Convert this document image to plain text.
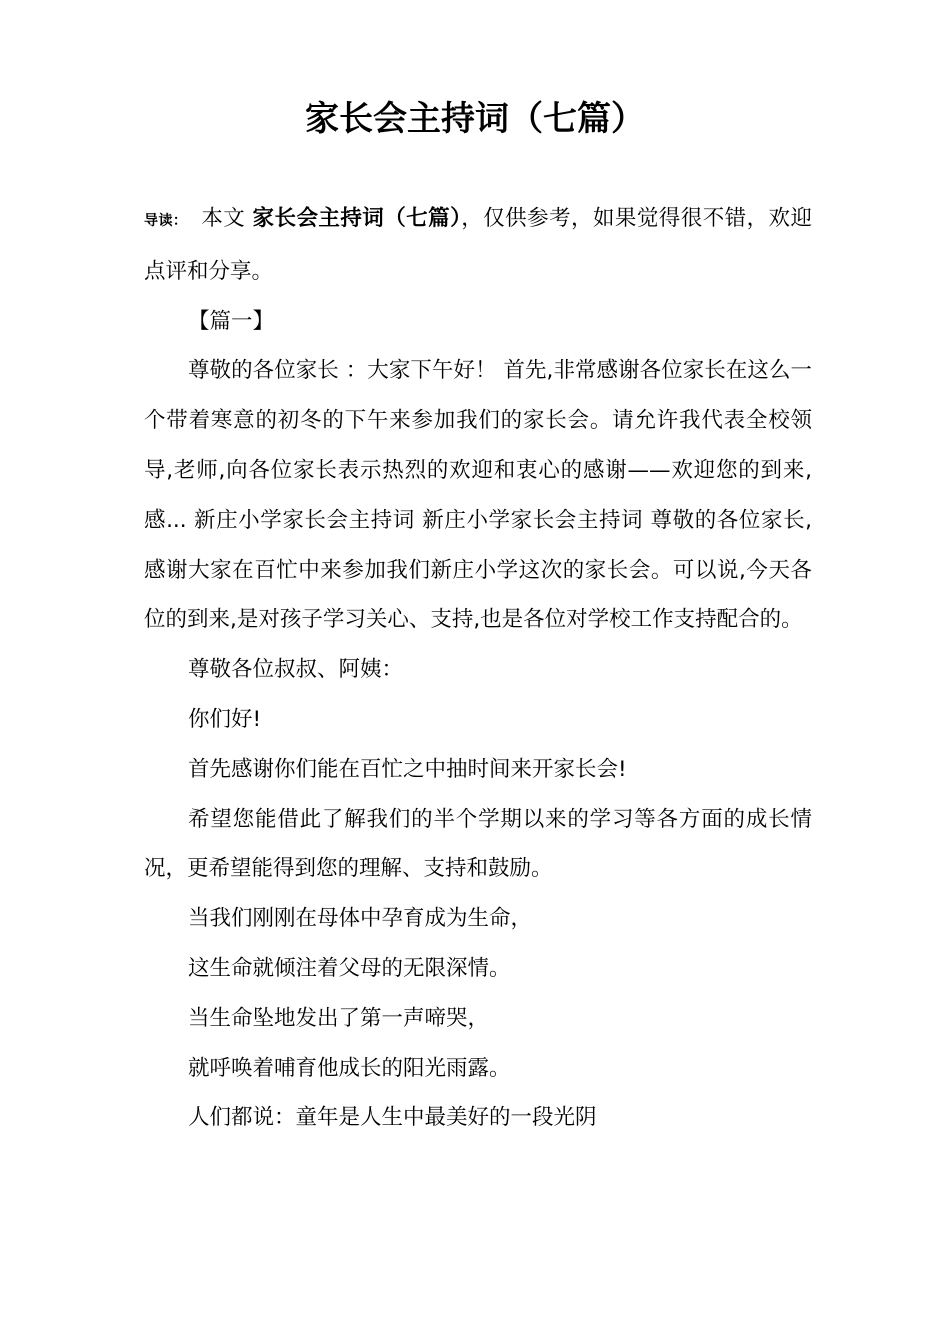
家长会主持词（七篇）

导读： 本文 家长会主持词（七篇），仅供参考，如果觉得很不错，欢迎点评和分享。

【篇一】

尊敬的各位家长 ：大家下午好！ 首先,非常感谢各位家长在这么一个带着寒意的初冬的下午来参加我们的家长会。请允许我代表全校领导,老师,向各位家长表示热烈的欢迎和衷心的感谢——欢迎您的到来,感... 新庄小学家长会主持词 新庄小学家长会主持词 尊敬的各位家长,感谢大家在百忙中来参加我们新庄小学这次的家长会。可以说,今天各位的到来,是对孩子学习关心、支持,也是各位对学校工作支持配合的。

尊敬各位叔叔、阿姨：

你们好!

首先感谢你们能在百忙之中抽时间来开家长会!

希望您能借此了解我们的半个学期以来的学习等各方面的成长情况，更希望能得到您的理解、支持和鼓励。

当我们刚刚在母体中孕育成为生命，

这生命就倾注着父母的无限深情。

当生命坠地发出了第一声啼哭，

就呼唤着哺育他成长的阳光雨露。

人们都说：童年是人生中最美好的一段光阴
